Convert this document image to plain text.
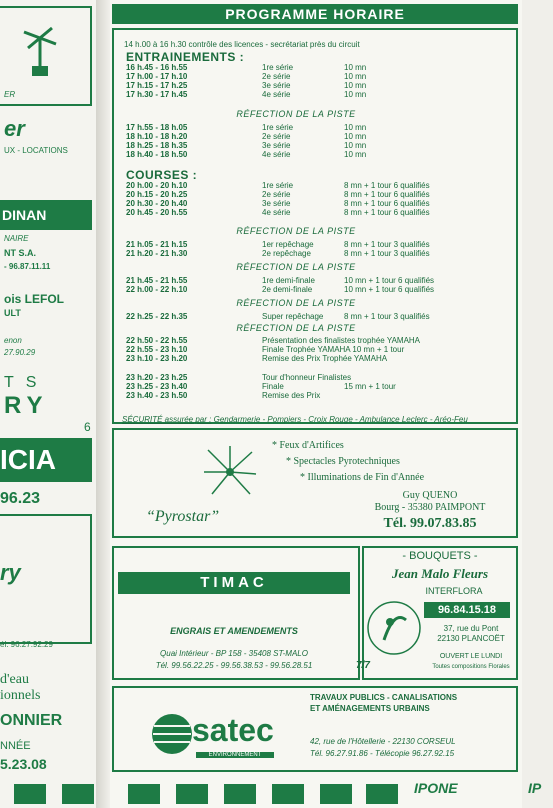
ER
er
UX - LOCATIONS
DINAN
NAIRE
NT S.A.
- 96.87.11.11
ois LEFOL
ULT
enon
27.90.29
TS
RY
6
ICIA
96.23
ry
él. 96.27.92.29
d'eau
ionnels
ONNIER
NNÉE
5.23.08
PROGRAMME HORAIRE
14 h.00 à 16 h.30 contrôle des licences - secrétariat près du circuit
ENTRAINEMENTS :
16 h.45 - 16 h.55	1re série	10 mn
17 h.00 - 17 h.10	2e série	10 mn
17 h.15 - 17 h.25	3e série	10 mn
17 h.30 - 17 h.45	4e série	10 mn
17 h.55 - 18 h.05	1re série	10 mn
18 h.10 - 18 h.20	2e série	10 mn
18 h.25 - 18 h.35	3e série	10 mn
18 h.40 - 18 h.50	4e série	10 mn
20 h.00 - 20 h.10	1re série	8 mn + 1 tour 6 qualifiés
20 h.15 - 20 h.25	2e série	8 mn + 1 tour 6 qualifiés
20 h.30 - 20 h.40	3e série	8 mn + 1 tour 6 qualifiés
20 h.45 - 20 h.55	4e série	8 mn + 1 tour 6 qualifiés
21 h.05 - 21 h.15	1er repêchage	8 mn + 1 tour 3 qualifiés
21 h.20 - 21 h.30	2e repêchage	8 mn + 1 tour 3 qualifiés
21 h.45 - 21 h.55	1re demi-finale	10 mn + 1 tour 6 qualifiés
22 h.00 - 22 h.10	2e demi-finale	10 mn + 1 tour 6 qualifiés
22 h.25 - 22 h.35	Super repêchage	8 mn + 1 tour 3 qualifiés
22 h.50 - 22 h.55	Présentation des finalistes trophée YAMAHA
22 h.55 - 23 h.10	Finale Trophée YAMAHA 10 mn + 1 tour
23 h.10 - 23 h.20	Remise des Prix Trophée YAMAHA
23 h.20 - 23 h.25	Tour d'honneur Finalistes
23 h.25 - 23 h.40	Finale	15 mn + 1 tour
23 h.40 - 23 h.50	Remise des Prix
RÉFECTION DE LA PISTE
COURSES :
RÉFECTION DE LA PISTE
RÉFECTION DE LA PISTE
RÉFECTION DE LA PISTE
RÉFECTION DE LA PISTE
SÉCURITÉ assurée par : Gendarmerie - Pompiers - Croix Rouge - Ambulance Leclerc - Aréo-Feu
* Feux d'Artifices
* Spectacles Pyrotechniques
* Illuminations de Fin d'Année
“Pyrostar”
Guy QUENO
Bourg - 35380 PAIMPONT
Tél. 99.07.83.85
TIMAC
ENGRAIS ET AMENDEMENTS
Quai Intérieur - BP 158 - 35408 ST-MALO
Tél. 99.56.22.25 - 99.56.38.53 - 99.56.28.51
- BOUQUETS -
Jean Malo Fleurs
INTERFLORA
96.84.15.18
37, rue du Pont
22130 PLANCOËT
OUVERT LE LUNDI
Toutes compositions Florales
7/7
TRAVAUX PUBLICS - CANALISATIONS
ET AMÉNAGEMENTS URBAINS
satec
ENVIRONNEMENT
42, rue de l'Hôtellerie - 22130 CORSEUL
Tél. 96.27.91.86 - Télécopie 96.27.92.15
IPONE	IP
